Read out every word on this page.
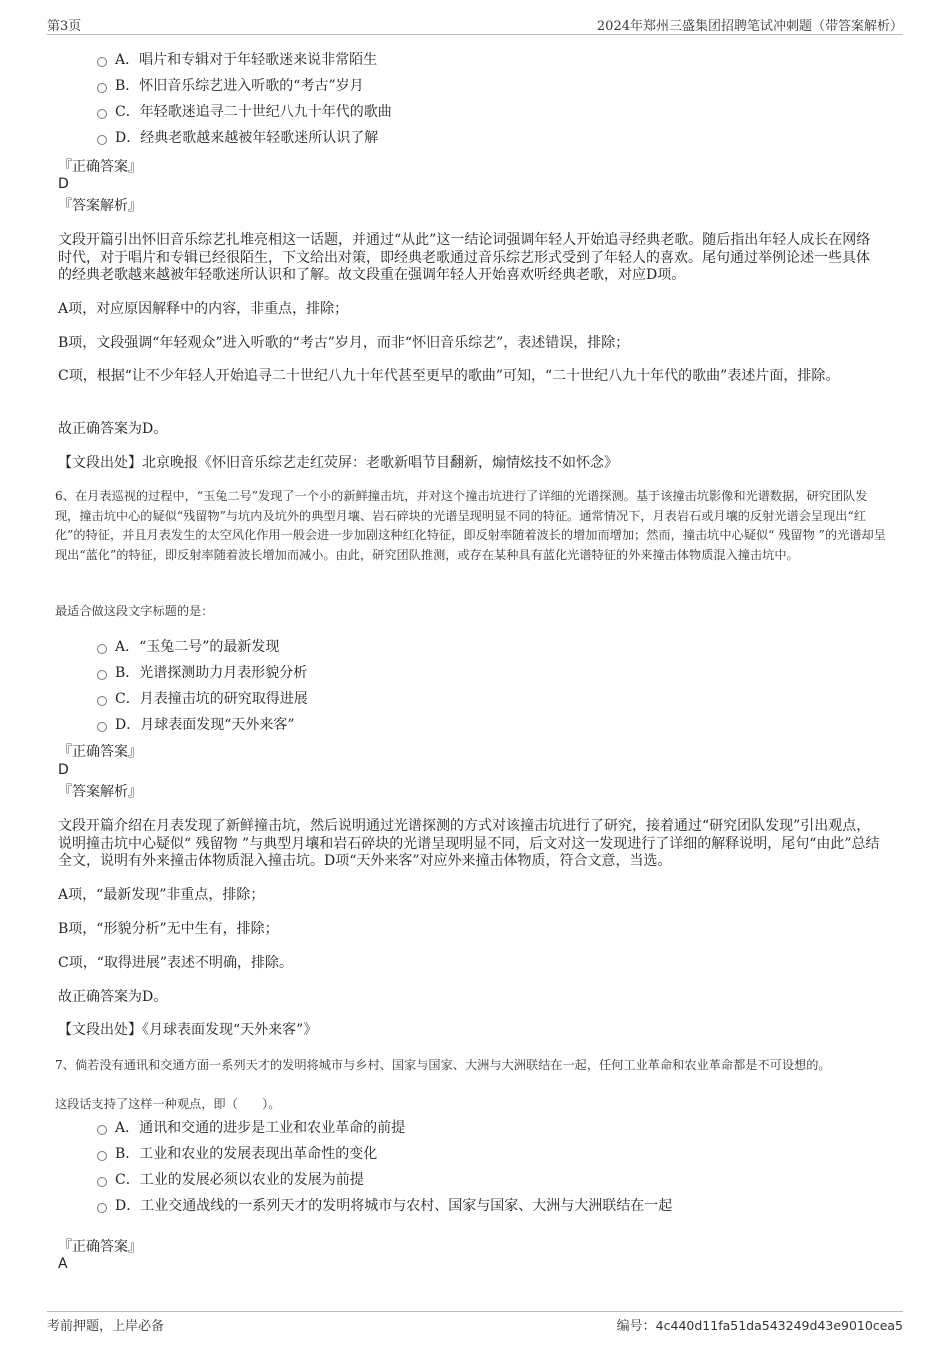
第3页	2024年郑州三盛集团招聘笔试冲刺题（带答案解析）
A．唱片和专辑对于年轻歌迷来说非常陌生
B．怀旧音乐综艺进入听歌的“考古”岁月
C．年轻歌迷追寻二十世纪八九十年代的歌曲
D．经典老歌越来越被年轻歌迷所认识了解
『正确答案』
D
『答案解析』
文段开篇引出怀旧音乐综艺扎堆亮相这一话题，并通过“从此”这一结论词强调年轻人开始追寻经典老歌。随后指出年轻人成长在网络时代，对于唱片和专辑已经很陌生，下文给出对策，即经典老歌通过音乐综艺形式受到了年轻人的喜欢。尾句通过举例论述一些具体的经典老歌越来越被年轻歌迷所认识和了解。故文段重在强调年轻人开始喜欢听经典老歌，对应D项。
A项，对应原因解释中的内容，非重点，排除；
B项，文段强调“年轻观众”进入听歌的“考古”岁月，而非“怀旧音乐综艺”，表述错误，排除；
C项，根据“让不少年轻人开始追寻二十世纪八九十年代甚至更早的歌曲”可知，“二十世纪八九十年代的歌曲”表述片面，排除。
故正确答案为D。
【文段出处】北京晚报《怀旧音乐综艺走红荧屏：老歌新唱节目翻新，煽情炫技不如怀念》
6、在月表巡视的过程中，“玉兔二号”发现了一个小的新鲜撞击坑，并对这个撞击坑进行了详细的光谱探测。基于该撞击坑影像和光谱数据，研究团队发现，撞击坑中心的疑似“残留物”与坑内及坑外的典型月壤、岩石碎块的光谱呈现明显不同的特征。通常情况下，月表岩石或月壤的反射光谱会呈现出“红化”的特征，并且月表发生的太空风化作用一般会进一步加剧这种红化特征，即反射率随着波长的增加而增加；然而，撞击坑中心疑似“ 残留物 ”的光谱却呈现出“蓝化”的特征，即反射率随着波长增加而减小。由此，研究团队推测，或存在某种具有蓝化光谱特征的外来撞击体物质混入撞击坑中。
最适合做这段文字标题的是：
A．“玉兔二号”的最新发现
B．光谱探测助力月表形貌分析
C．月表撞击坑的研究取得进展
D．月球表面发现“天外来客”
『正确答案』
D
『答案解析』
文段开篇介绍在月表发现了新鲜撞击坑，然后说明通过光谱探测的方式对该撞击坑进行了研究，接着通过“研究团队发现”引出观点，说明撞击坑中心疑似“ 残留物 ”与典型月壤和岩石碎块的光谱呈现明显不同，后文对这一发现进行了详细的解释说明，尾句“由此”总结全文，说明有外来撞击体物质混入撞击坑。D项“天外来客”对应外来撞击体物质，符合文意，当选。
A项，“最新发现”非重点，排除；
B项，“形貌分析”无中生有，排除；
C项，“取得进展”表述不明确，排除。
故正确答案为D。
【文段出处】《月球表面发现“天外来客”》
7、倘若没有通讯和交通方面一系列天才的发明将城市与乡村、国家与国家、大洲与大洲联结在一起，任何工业革命和农业革命都是不可设想的。
这段话支持了这样一种观点，即（　　）。
A．通讯和交通的进步是工业和农业革命的前提
B．工业和农业的发展表现出革命性的变化
C．工业的发展必须以农业的发展为前提
D．工业交通战线的一系列天才的发明将城市与农村、国家与国家、大洲与大洲联结在一起
『正确答案』
A
考前押题，上岸必备	编号：4c440d11fa51da543249d43e9010cea5
